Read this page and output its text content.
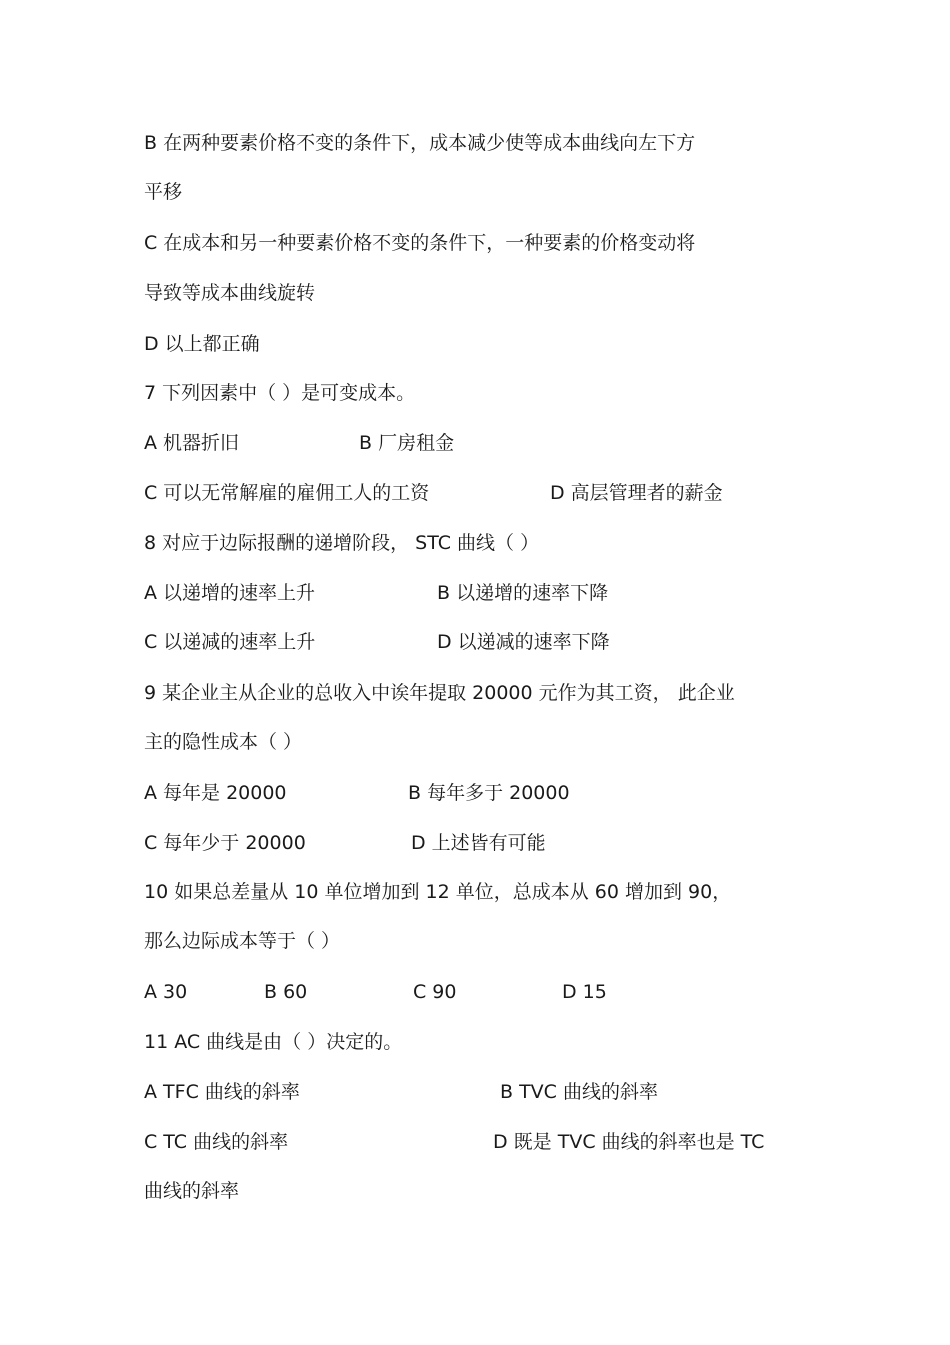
B 在两种要素价格不变的条件下，成本减少使等成本曲线向左下方
平移
C 在成本和另一种要素价格不变的条件下，一种要素的价格变动将
导致等成本曲线旋转
D 以上都正确
7 下列因素中（ ）是可变成本。
A 机器折旧	B 厂房租金
C 可以无常解雇的雇佣工人的工资	D 高层管理者的薪金
8 对应于边际报酬的递增阶段， STC 曲线（ ）
A 以递增的速率上升	B 以递增的速率下降
C 以递减的速率上升	D 以递减的速率下降
9 某企业主从企业的总收入中诶年提取 20000 元作为其工资， 此企业
主的隐性成本（ ）
A 每年是 20000	B 每年多于 20000
C 每年少于 20000	D 上述皆有可能
10 如果总差量从 10 单位增加到 12 单位，总成本从 60 增加到 90，
那么边际成本等于（ ）
A 30	B 60	C 90	D 15
11 AC 曲线是由（ ）决定的。
A TFC 曲线的斜率	B TVC 曲线的斜率
C TC 曲线的斜率	D 既是 TVC 曲线的斜率也是 TC
曲线的斜率
